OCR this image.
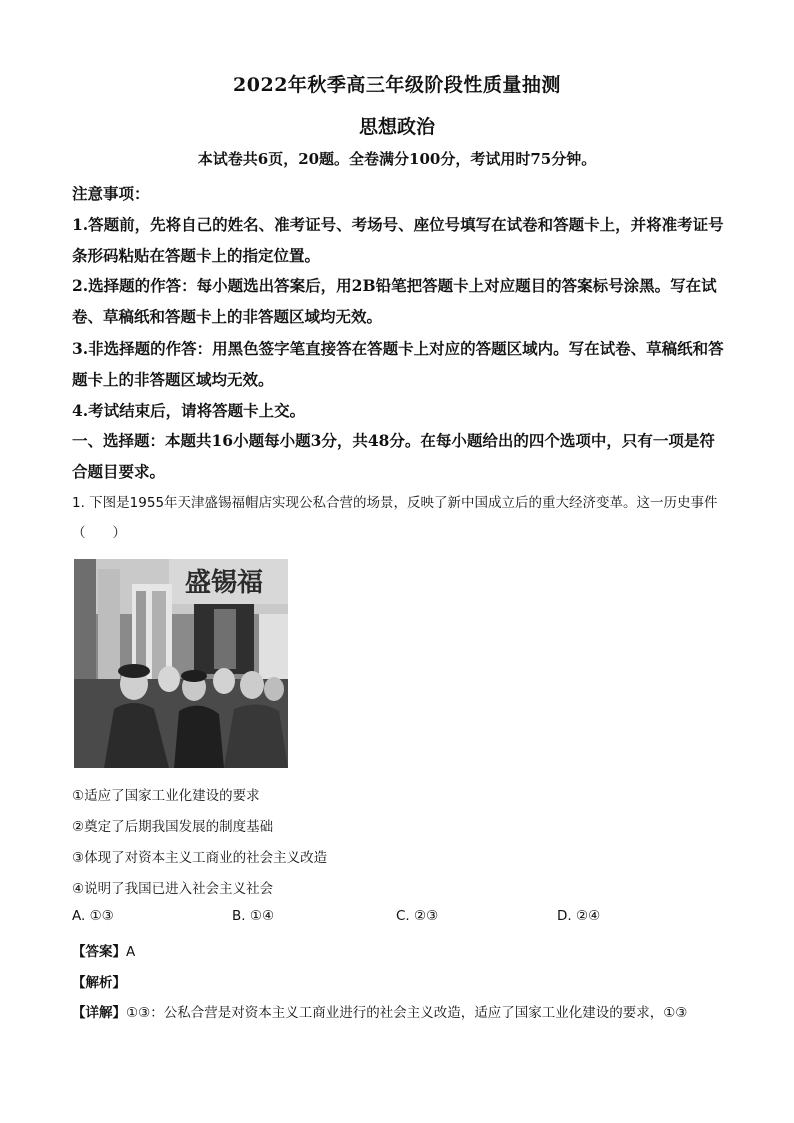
2022年秋季高三年级阶段性质量抽测
思想政治
本试卷共6页，20题。全卷满分100分，考试用时75分钟。
注意事项：
1.答题前，先将自己的姓名、准考证号、考场号、座位号填写在试卷和答题卡上，并将准考证号条形码粘贴在答题卡上的指定位置。
2.选择题的作答：每小题选出答案后，用2B铅笔把答题卡上对应题目的答案标号涂黑。写在试卷、草稿纸和答题卡上的非答题区域均无效。
3.非选择题的作答：用黑色签字笔直接答在答题卡上对应的答题区域内。写在试卷、草稿纸和答题卡上的非答题区域均无效。
4.考试结束后，请将答题卡上交。
一、选择题：本题共16小题每小题3分，共48分。在每小题给出的四个选项中，只有一项是符合题目要求。
1. 下图是1955年天津盛锡福帽店实现公私合营的场景，反映了新中国成立后的重大经济变革。这一历史事件（　　）
盛锡福
①适应了国家工业化建设的要求
②奠定了后期我国发展的制度基础
③体现了对资本主义工商业的社会主义改造
④说明了我国已进入社会主义社会
A. ①③	B. ①④	C. ②③	D. ②④
【答案】A
【解析】
【详解】①③：公私合营是对资本主义工商业进行的社会主义改造，适应了国家工业化建设的要求，①③
